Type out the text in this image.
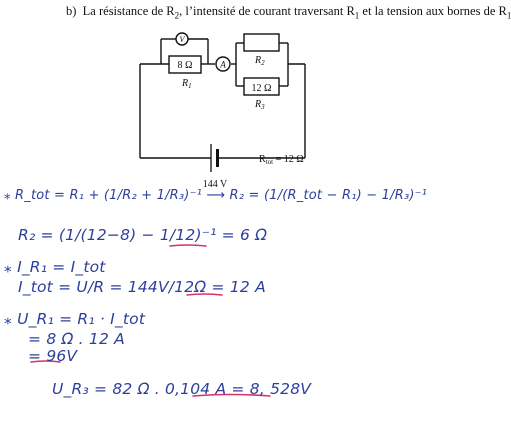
b) La résistance de $R_2$, l’intensité de courant traversant $R_1$ et la tension aux bornes de $R_1$
V
A
8 Ω
$R_1$
$R_2$
12 Ω
$R_3$
144 V
$R_{tot} = 12$ Ω
⁎ R_tot = R₁ + (1/R₂ + 1/R₃)⁻¹ ⟶ R₂ = (1/(R_tot − R₁) − 1/R₃)⁻¹
R₂ = (1/(12−8) − 1/12)⁻¹ = 6 Ω
⁎ I_R₁ = I_tot
I_tot = U/R = 144V/12Ω = 12 A
⁎ U_R₁ = R₁ · I_tot
= 8 Ω . 12 A
= 96V
U_R₃ = 82 Ω . 0,104 A = 8, 528V
